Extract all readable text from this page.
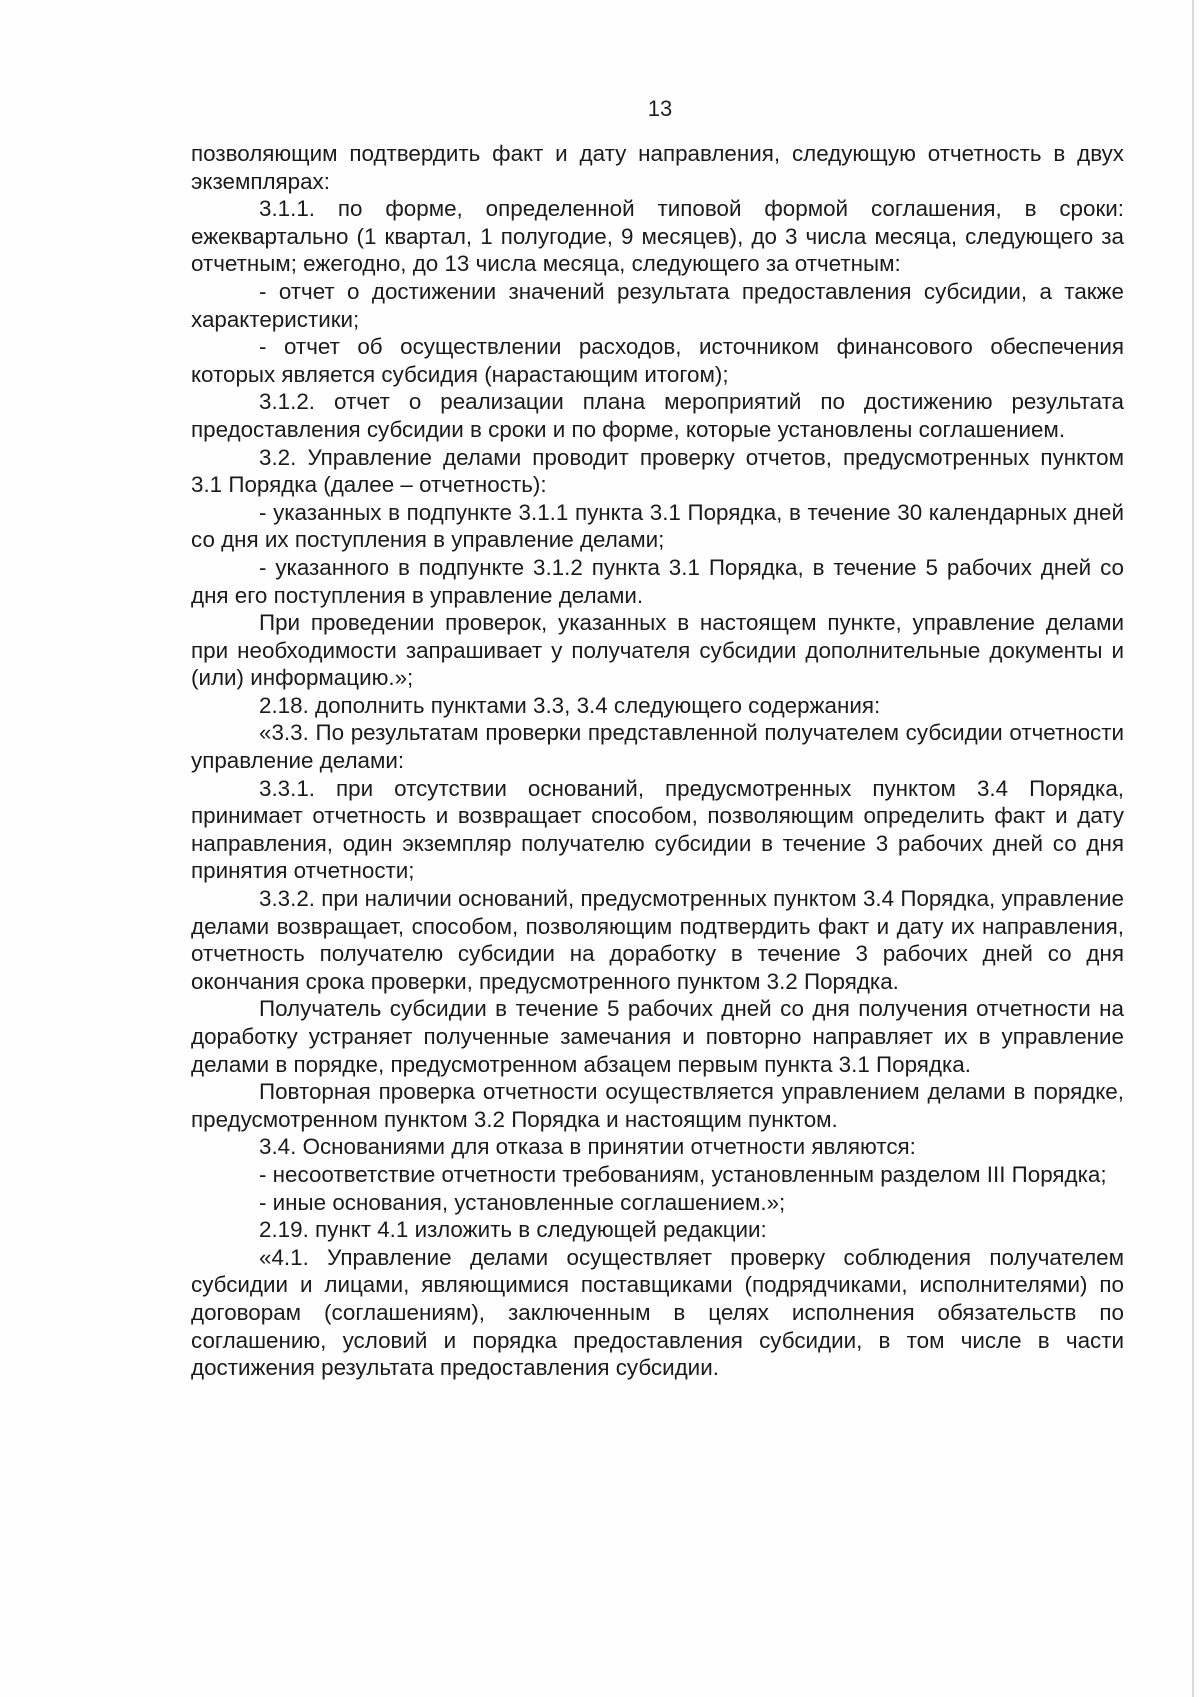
13

позволяющим подтвердить факт и дату направления, следующую отчетность в двух экземплярах:

3.1.1. по форме, определенной типовой формой соглашения, в сроки: ежеквартально (1 квартал, 1 полугодие, 9 месяцев), до 3 числа месяца, следующего за отчетным; ежегодно, до 13 числа месяца, следующего за отчетным:

- отчет о достижении значений результата предоставления субсидии, а также характеристики;

- отчет об осуществлении расходов, источником финансового обеспечения которых является субсидия (нарастающим итогом);

3.1.2. отчет о реализации плана мероприятий по достижению результата предоставления субсидии в сроки и по форме, которые установлены соглашением.

3.2. Управление делами проводит проверку отчетов, предусмотренных пунктом 3.1 Порядка (далее – отчетность):

- указанных в подпункте 3.1.1 пункта 3.1 Порядка, в течение 30 календарных дней со дня их поступления в управление делами;

- указанного в подпункте 3.1.2 пункта 3.1 Порядка, в течение 5 рабочих дней со дня его поступления в управление делами.

При проведении проверок, указанных в настоящем пункте, управление делами при необходимости запрашивает у получателя субсидии дополнительные документы и (или) информацию.»;

2.18. дополнить пунктами 3.3, 3.4 следующего содержания:

«3.3. По результатам проверки представленной получателем субсидии отчетности управление делами:

3.3.1. при отсутствии оснований, предусмотренных пунктом 3.4 Порядка, принимает отчетность и возвращает способом, позволяющим определить факт и дату направления, один экземпляр получателю субсидии в течение 3 рабочих дней со дня принятия отчетности;

3.3.2. при наличии оснований, предусмотренных пунктом 3.4 Порядка, управление делами возвращает, способом, позволяющим подтвердить факт и дату их направления, отчетность получателю субсидии на доработку в течение 3 рабочих дней со дня окончания срока проверки, предусмотренного пунктом 3.2 Порядка.

Получатель субсидии в течение 5 рабочих дней со дня получения отчетности на доработку устраняет полученные замечания и повторно направляет их в управление делами в порядке, предусмотренном абзацем первым пункта 3.1 Порядка.

Повторная проверка отчетности осуществляется управлением делами в порядке, предусмотренном пунктом 3.2 Порядка и настоящим пунктом.

3.4. Основаниями для отказа в принятии отчетности являются:

- несоответствие отчетности требованиям, установленным разделом III Порядка;

- иные основания, установленные соглашением.»;

2.19. пункт 4.1 изложить в следующей редакции:

«4.1. Управление делами осуществляет проверку соблюдения получателем субсидии и лицами, являющимися поставщиками (подрядчиками, исполнителями) по договорам (соглашениям), заключенным в целях исполнения обязательств по соглашению, условий и порядка предоставления субсидии, в том числе в части достижения результата предоставления субсидии.
